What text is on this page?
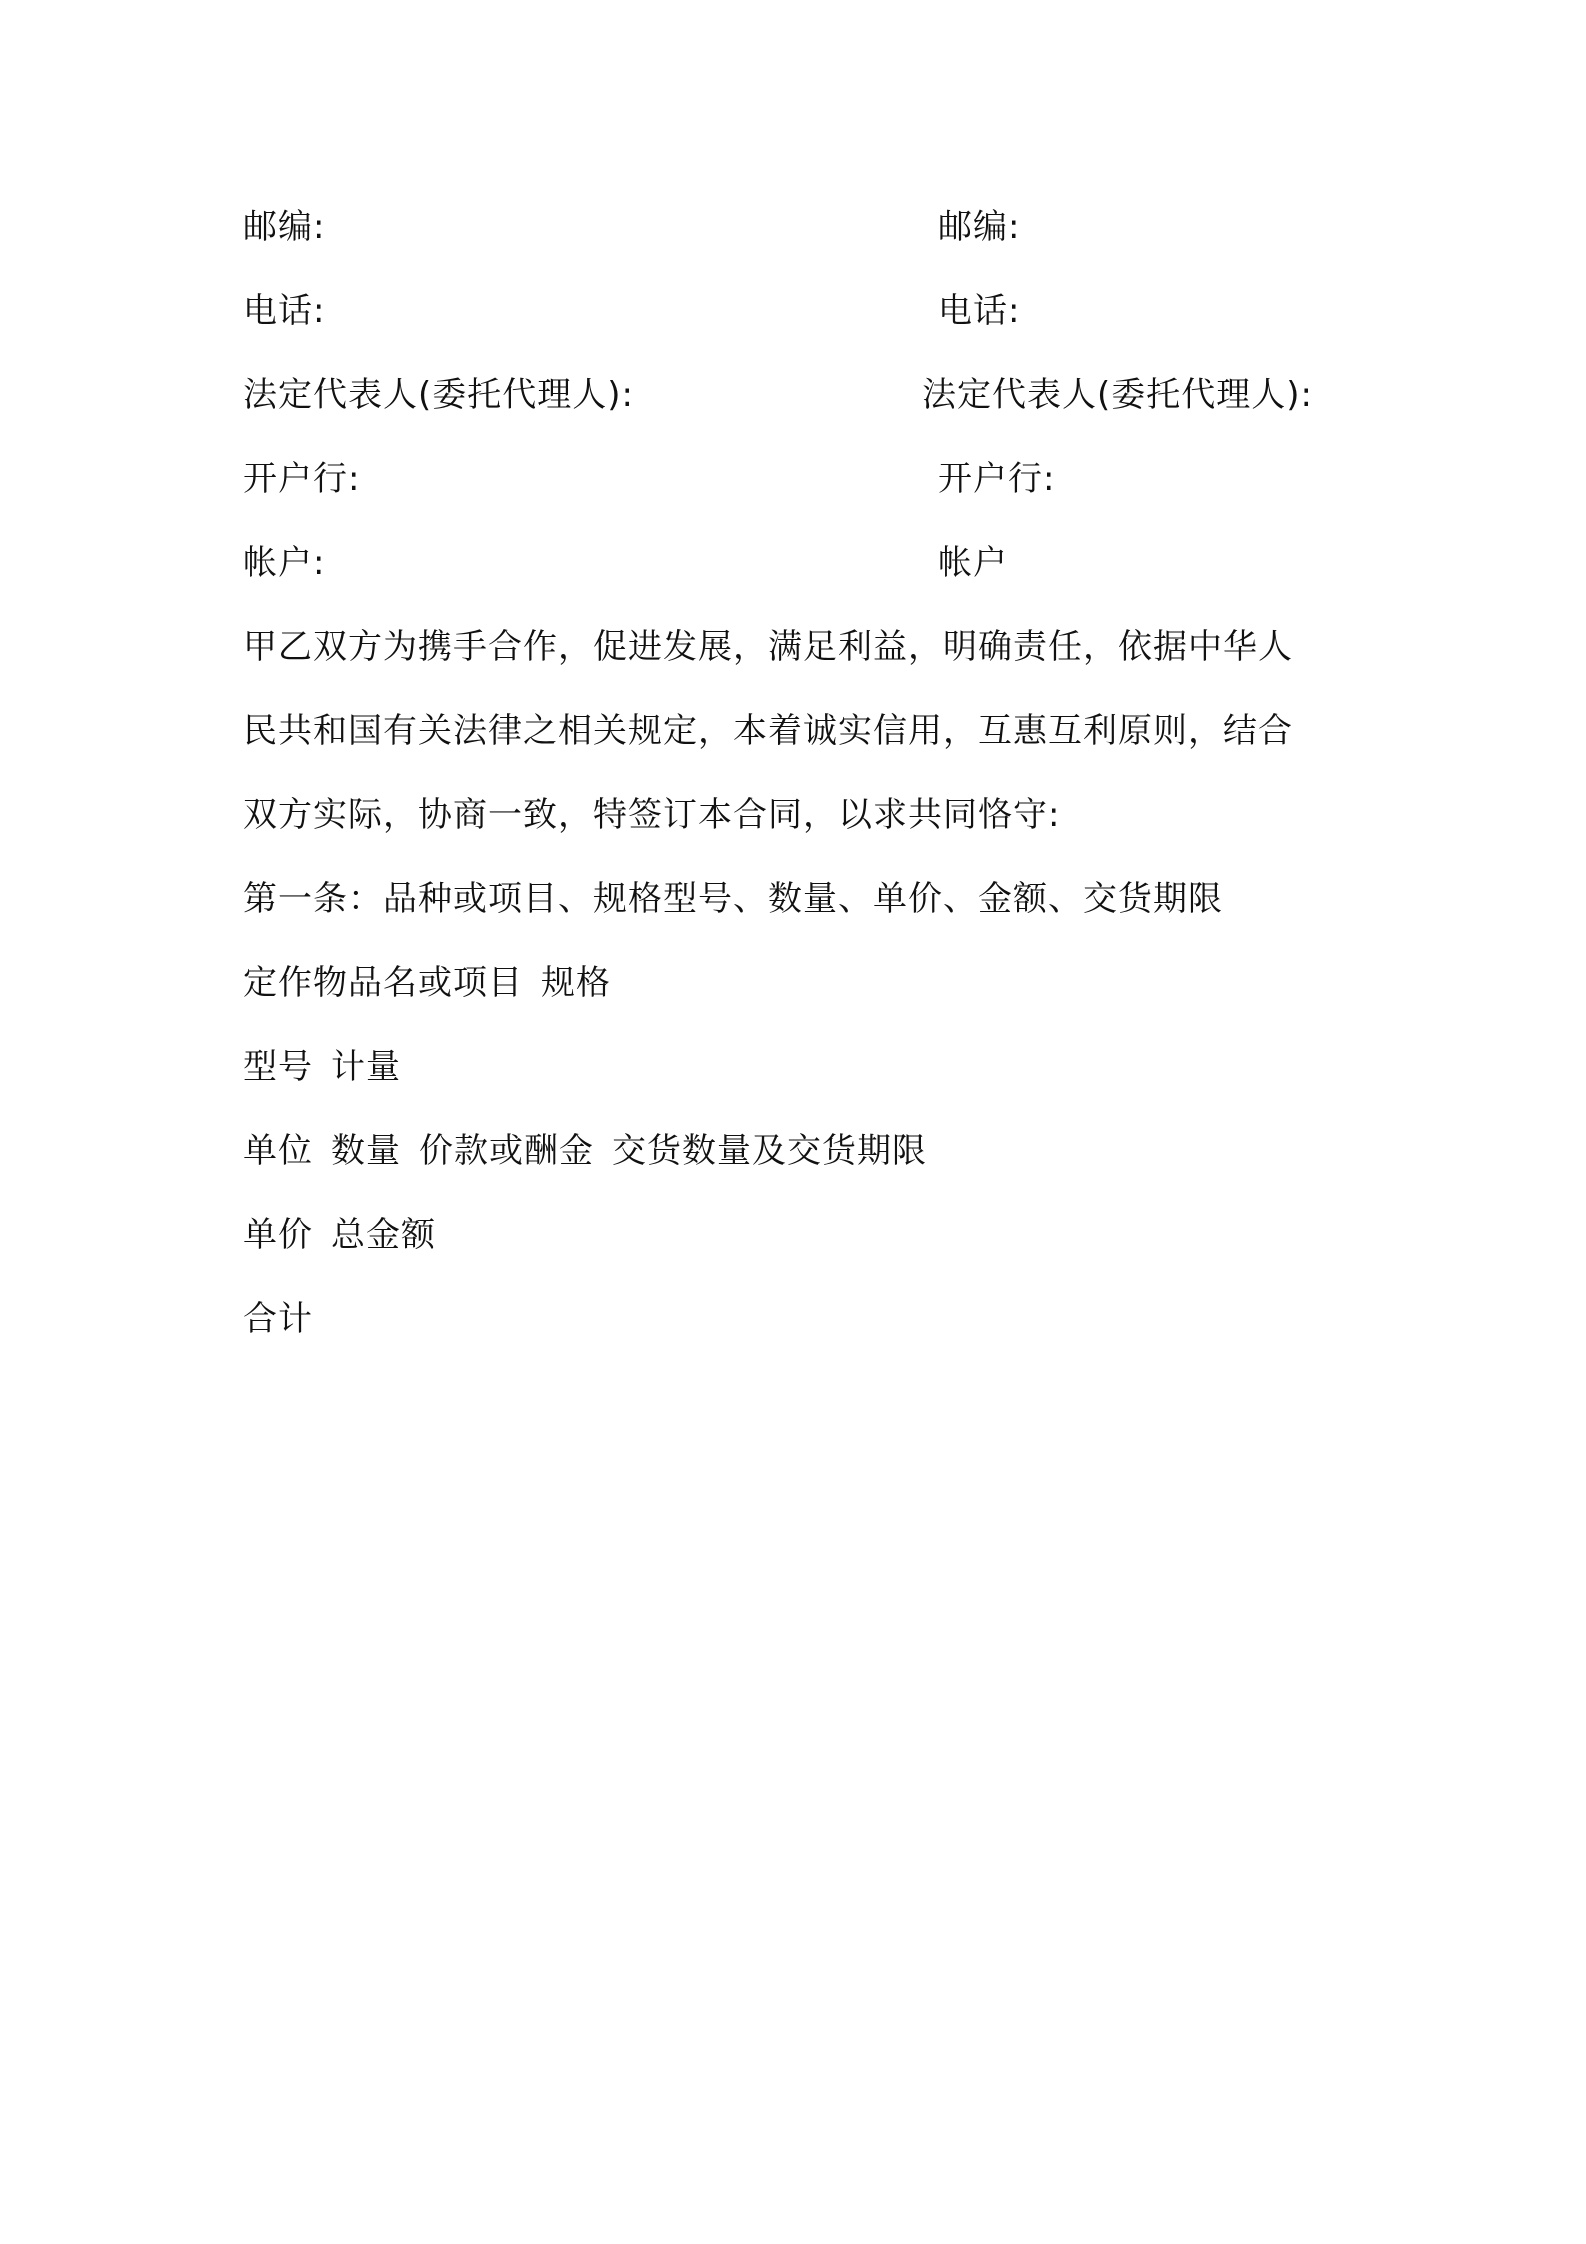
邮编:
电话:
法定代表人(委托代理人):
开户行:
帐户:
邮编:
电话:
法定代表人(委托代理人):
开户行:
帐户
甲乙双方为携手合作，促进发展，满足利益，明确责任，依据中华人
民共和国有关法律之相关规定，本着诚实信用，互惠互利原则，结合
双方实际，协商一致，特签订本合同，以求共同恪守:
第一条：品种或项目、规格型号、数量、单价、金额、交货期限
定作物品名或项目 规格
型号 计量
单位 数量 价款或酬金 交货数量及交货期限
单价 总金额
合计
